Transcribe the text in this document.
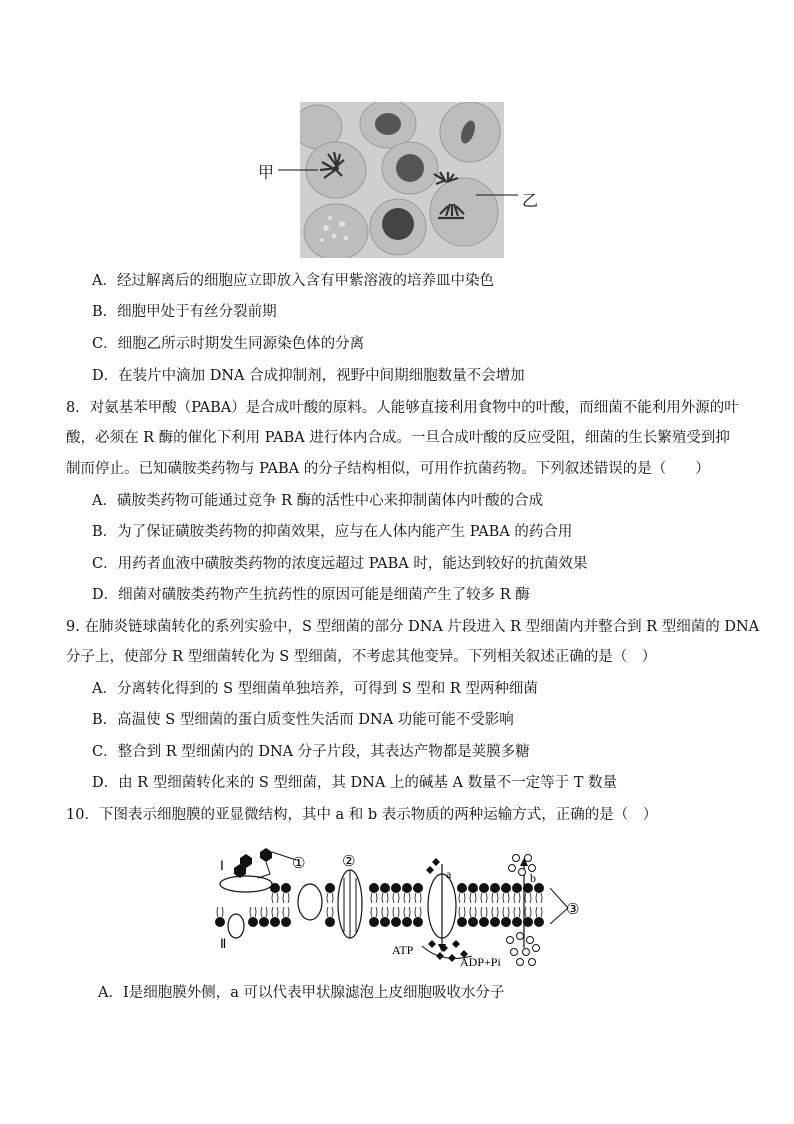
甲
乙
A．经过解离后的细胞应立即放入含有甲紫溶液的培养皿中染色
B．细胞甲处于有丝分裂前期
C．细胞乙所示时期发生同源染色体的分离
D．在装片中滴加 DNA 合成抑制剂，视野中间期细胞数量不会增加
8．对氨基苯甲酸（PABA）是合成叶酸的原料。人能够直接利用食物中的叶酸，而细菌不能利用外源的叶
酸，必须在 R 酶的催化下利用 PABA 进行体内合成。一旦合成叶酸的反应受阻，细菌的生长繁殖受到抑
制而停止。已知磺胺类药物与 PABA 的分子结构相似，可用作抗菌药物。下列叙述错误的是（　　）
A．磺胺类药物可能通过竞争 R 酶的活性中心来抑制菌体内叶酸的合成
B．为了保证磺胺类药物的抑菌效果，应与在人体内能产生 PABA 的药合用
C．用药者血液中磺胺类药物的浓度远超过 PABA 时，能达到较好的抗菌效果
D．细菌对磺胺类药物产生抗药性的原因可能是细菌产生了较多 R 酶
9. 在肺炎链球菌转化的系列实验中，S 型细菌的部分 DNA 片段进入 R 型细菌内并整合到 R 型细菌的 DNA
分子上，使部分 R 型细菌转化为 S 型细菌，不考虑其他变异。下列相关叙述正确的是（　）
A．分离转化得到的 S 型细菌单独培养，可得到 S 型和 R 型两种细菌
B．高温使 S 型细菌的蛋白质变性失活而 DNA 功能可能不受影响
C．整合到 R 型细菌内的 DNA 分子片段，其表达产物都是荚膜多糖
D．由 R 型细菌转化来的 S 型细菌，其 DNA 上的碱基 A 数量不一定等于 T 数量
10．下图表示细胞膜的亚显微结构，其中 a 和 b 表示物质的两种运输方式，正确的是（　）
Ⅰ
Ⅱ
① ②
a
ATP
ADP+Pi
b
③
A．Ⅰ是细胞膜外侧，a 可以代表甲状腺滤泡上皮细胞吸收水分子
